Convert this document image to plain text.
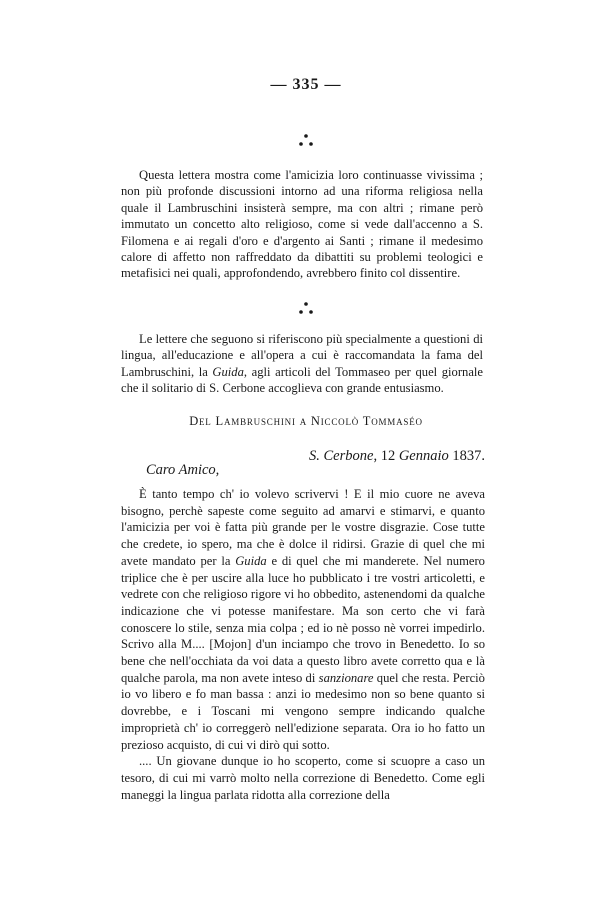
— 335 —

Questa lettera mostra come l'amicizia loro continuasse vivissima ; non più profonde discussioni intorno ad una riforma religiosa nella quale il Lambruschini insisterà sempre, ma con altri ; rimane però immutato un concetto alto religioso, come si vede dall'accenno a S. Filomena e ai regali d'oro e d'argento ai Santi ; rimane il medesimo calore di affetto non raffreddato da dibattiti su problemi teologici e metafisici nei quali, approfondendo, avrebbero finito col dissentire.

Le lettere che seguono si riferiscono più specialmente a questioni di lingua, all'educazione e all'opera a cui è raccomandata la fama del Lambruschini, la Guida, agli articoli del Tommaseo per quel giornale che il solitario di S. Cerbone accoglieva con grande entusiasmo.

Del Lambruschini a Niccolò Tommaséo
S. Cerbone, 12 Gennaio 1837.
Caro Amico,

È tanto tempo ch' io volevo scrivervi ! E il mio cuore ne aveva bisogno, perchè sapeste come seguito ad amarvi e stimarvi, e quanto l'amicizia per voi è fatta più grande per le vostre disgrazie. Cose tutte che credete, io spero, ma che è dolce il ridirsi. Grazie di quel che mi avete mandato per la Guida e di quel che mi manderete. Nel numero triplice che è per uscire alla luce ho pubblicato i tre vostri articoletti, e vedrete con che religioso rigore vi ho obbedito, astenendomi da qualche indicazione che vi potesse manifestare. Ma son certo che vi farà conoscere lo stile, senza mia colpa ; ed io nè posso nè vorrei impedirlo. Scrivo alla M.... [Mojon] d'un inciampo che trovo in Benedetto. Io so bene che nell'occhiata da voi data a questo libro avete corretto qua e là qualche parola, ma non avete inteso di sanzionare quel che resta. Perciò io vo libero e fo man bassa : anzi io medesimo non so bene quanto si dovrebbe, e i Toscani mi vengono sempre indicando qualche improprietà ch' io correggerò nell'edizione separata. Ora io ho fatto un prezioso acquisto, di cui vi dirò qui sotto.

.... Un giovane dunque io ho scoperto, come si scuopre a caso un tesoro, di cui mi varrò molto nella correzione di Benedetto. Come egli maneggi la lingua parlata ridotta alla correzione della
